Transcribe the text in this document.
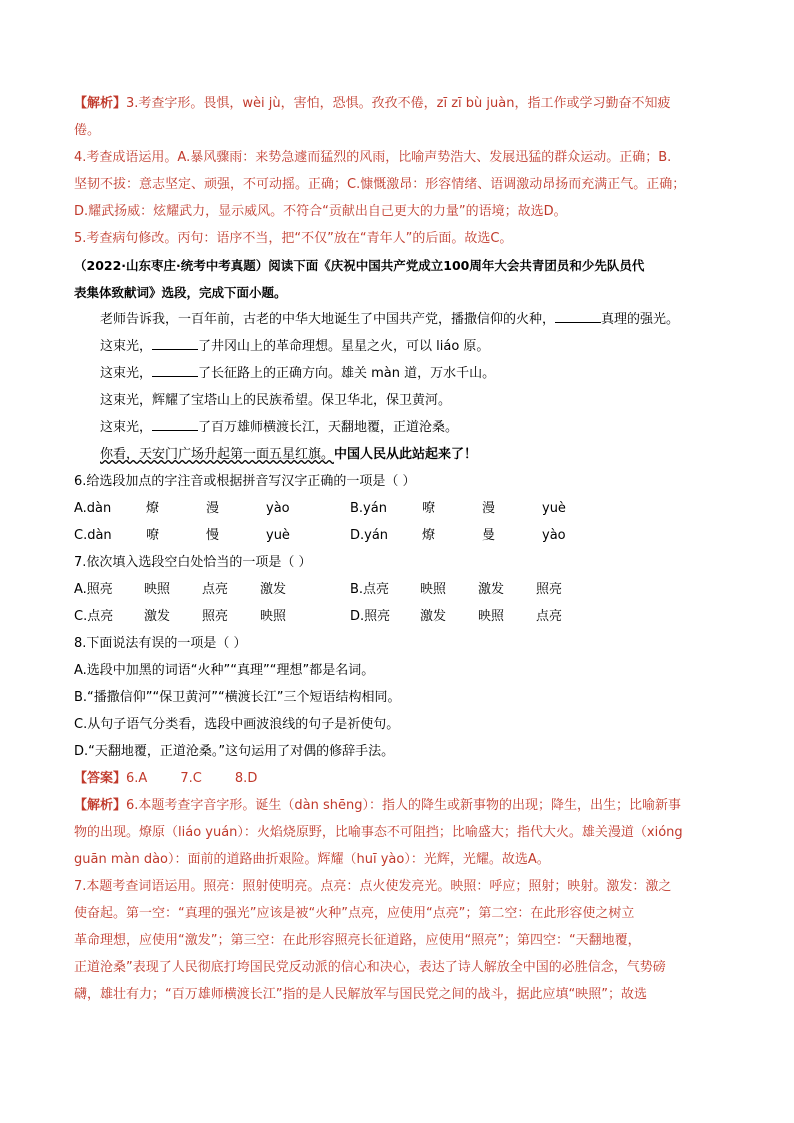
【解析】3.考查字形。畏惧，wèi jù，害怕，恐惧。孜孜不倦，zī zī bù juàn，指工作或学习勤奋不知疲
倦。
4.考查成语运用。A.暴风骤雨：来势急遽而猛烈的风雨，比喻声势浩大、发展迅猛的群众运动。正确；B.
坚韧不拔：意志坚定、顽强，不可动摇。正确；C.慷慨激昂：形容情绪、语调激动昂扬而充满正气。正确；
D.耀武扬威：炫耀武力，显示威风。不符合“贡献出自己更大的力量”的语境；故选D。
5.考查病句修改。丙句：语序不当，把“不仅”放在“青年人”的后面。故选C。
（2022·山东枣庄·统考中考真题）阅读下面《庆祝中国共产党成立100周年大会共青团员和少先队员代
表集体致献词》选段，完成下面小题。
老师告诉我，一百年前，古老的中华大地诞生了中国共产党，播撒信仰的火种，	真理的强光。
这束光，	了井冈山上的革命理想。星星之火，可以 liáo 原。
这束光，	了长征路上的正确方向。雄关 màn 道，万水千山。
这束光，辉耀了宝塔山上的民族希望。保卫华北，保卫黄河。
这束光，	了百万雄师横渡长江，天翻地覆，正道沧桑。
你看，天安门广场升起第一面五星红旗。中国人民从此站起来了！
6.给选段加点的字注音或根据拼音写汉字正确的一项是（ ）
A.dàn	燎	漫	yào	B.yán	嘹	漫	yuè
C.dàn	嘹	慢	yuè	D.yán	燎	曼	yào
7.依次填入选段空白处恰当的一项是（ ）
A.照亮	映照	点亮	激发	B.点亮	映照	激发	照亮
C.点亮	激发	照亮	映照	D.照亮	激发	映照	点亮
8.下面说法有误的一项是（ ）
A.选段中加黑的词语“火种”“真理”“理想”都是名词。
B.“播撒信仰”“保卫黄河”“横渡长江”三个短语结构相同。
C.从句子语气分类看，选段中画波浪线的句子是祈使句。
D.“天翻地覆，正道沧桑。”这句运用了对偶的修辞手法。
【答案】6.A        7.C        8.D
【解析】6.本题考查字音字形。诞生（dàn shēng）：指人的降生或新事物的出现；降生，出生；比喻新事
物的出现。燎原（liáo yuán）：火焰烧原野，比喻事态不可阻挡；比喻盛大；指代大火。雄关漫道（xióng
guān màn dào）：面前的道路曲折艰险。辉耀（huī yào）：光辉，光耀。故选A。
7.本题考查词语运用。照亮：照射使明亮。点亮：点火使发亮光。映照：呼应；照射；映射。激发：激之
使奋起。第一空：“真理的强光”应该是被“火种”点亮，应使用“点亮”；第二空：在此形容使之树立
革命理想，应使用“激发”；第三空：在此形容照亮长征道路，应使用“照亮”；第四空：“天翻地覆，
正道沧桑”表现了人民彻底打垮国民党反动派的信心和决心，表达了诗人解放全中国的必胜信念，气势磅
礴，雄壮有力；“百万雄师横渡长江”指的是人民解放军与国民党之间的战斗，据此应填“映照”；故选
